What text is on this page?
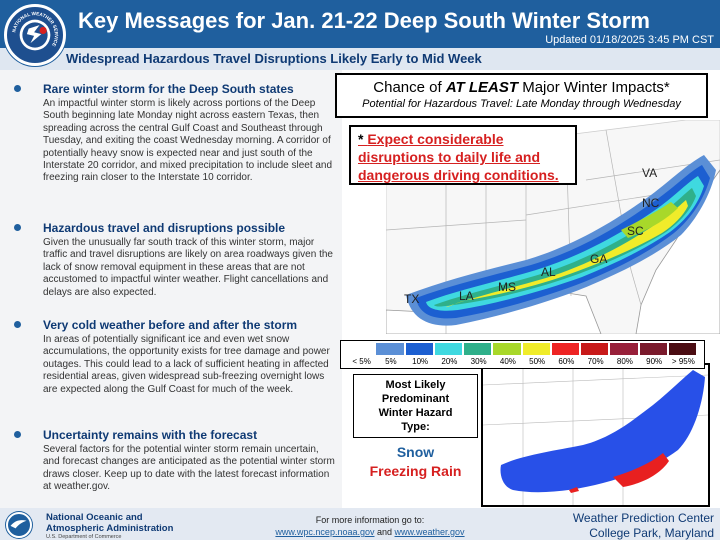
Key Messages for Jan. 21-22 Deep South Winter Storm
Updated 01/18/2025 3:45 PM CST
NATIONAL WEATHER SERVICE
Widespread Hazardous Travel Disruptions Likely Early to Mid Week
Rare winter storm for the Deep South states
An impactful winter storm is likely across portions of the Deep South beginning late Monday night across eastern Texas, then spreading across the central Gulf Coast and Southeast through Tuesday, and exiting the coast Wednesday morning. A corridor of potentially heavy snow is expected near and just south of the Interstate 20 corridor, and mixed precipitation to include sleet and freezing rain closer to the Interstate 10 corridor.
Hazardous travel and disruptions possible
Given the unusually far south track of this winter storm, major traffic and travel disruptions are likely on area roadways given the lack of snow removal equipment in these areas that are not accustomed to impactful winter weather. Flight cancellations and delays are also expected.
Very cold weather before and after the storm
In areas of potentially significant ice and even wet snow accumulations, the opportunity exists for tree damage and power outages. This could lead to a lack of sufficient heating in affected residential areas, given widespread sub-freezing overnight lows are expected along the Gulf Coast for much of the week.
Uncertainty remains with the forecast
Several factors for the potential winter storm remain uncertain, and forecast changes are anticipated as the potential winter storm draws closer. Keep up to date with the latest forecast information at weather.gov.
Chance of AT LEAST Major Winter Impacts*
Potential for Hazardous Travel: Late Monday through Wednesday
* Expect considerable
disruptions to daily life and
dangerous driving conditions.
TX	LA
MS
AL
GA
SC
NC
VA
< 5% 5% 10% 20% 30% 40% 50% 60% 70% 80% 90% > 95%
Most Likely
Predominant
Winter Hazard
Type:
Snow
Freezing Rain
National Oceanic and
Atmospheric Administration
U.S. Department of Commerce
For more information go to:
www.wpc.ncep.noaa.gov and www.weather.gov
Weather Prediction Center
College Park, Maryland
